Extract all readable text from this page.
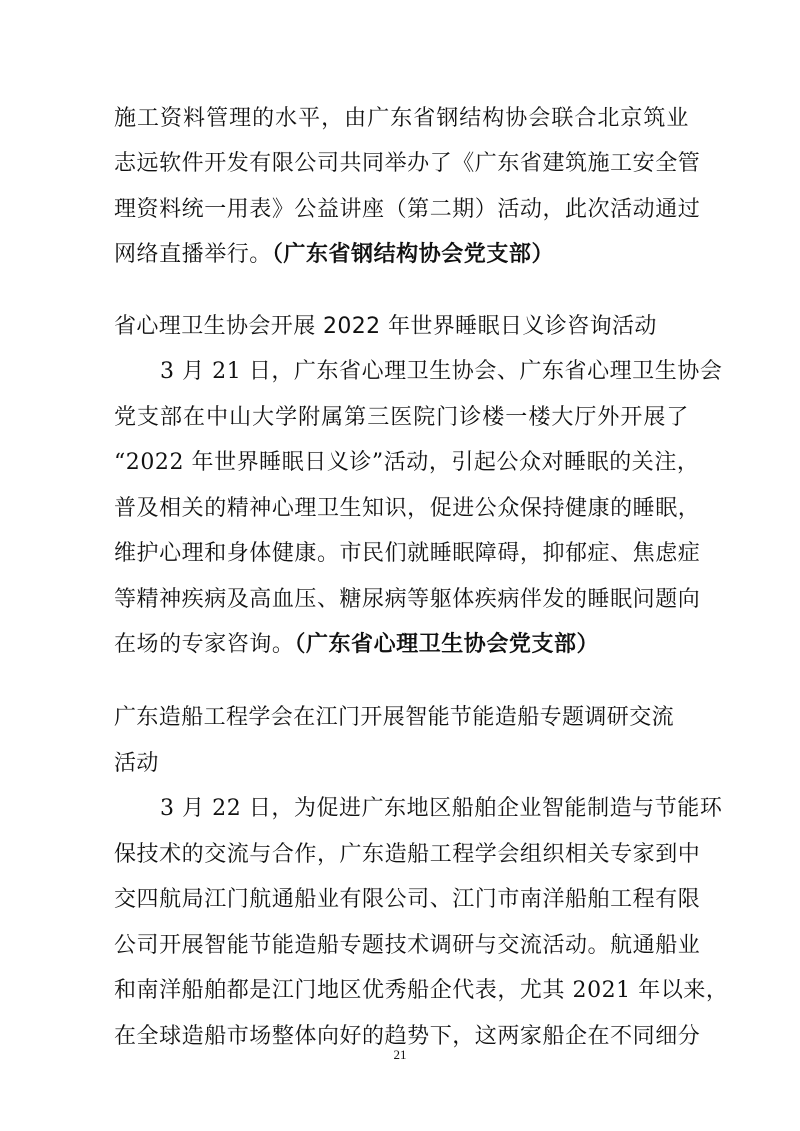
施工资料管理的水平，由广东省钢结构协会联合北京筑业
志远软件开发有限公司共同举办了《广东省建筑施工安全管
理资料统一用表》公益讲座（第二期）活动，此次活动通过
网络直播举行。（广东省钢结构协会党支部）
省心理卫生协会开展 2022 年世界睡眠日义诊咨询活动
3 月 21 日，广东省心理卫生协会、广东省心理卫生协会
党支部在中山大学附属第三医院门诊楼一楼大厅外开展了
“2022 年世界睡眠日义诊”活动，引起公众对睡眠的关注，
普及相关的精神心理卫生知识，促进公众保持健康的睡眠，
维护心理和身体健康。市民们就睡眠障碍，抑郁症、焦虑症
等精神疾病及高血压、糖尿病等躯体疾病伴发的睡眠问题向
在场的专家咨询。（广东省心理卫生协会党支部）
广东造船工程学会在江门开展智能节能造船专题调研交流
活动
3 月 22 日，为促进广东地区船舶企业智能制造与节能环
保技术的交流与合作，广东造船工程学会组织相关专家到中
交四航局江门航通船业有限公司、江门市南洋船舶工程有限
公司开展智能节能造船专题技术调研与交流活动。航通船业
和南洋船舶都是江门地区优秀船企代表，尤其 2021 年以来，
在全球造船市场整体向好的趋势下，这两家船企在不同细分
21
